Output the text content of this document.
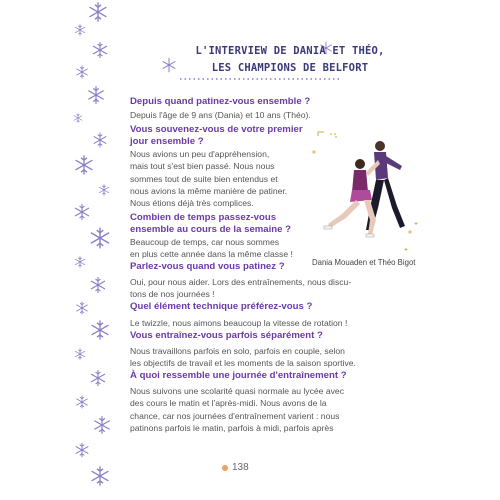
L'INTERVIEW DE DANIA ET THÉO,
LES CHAMPIONS DE BELFORT
Depuis quand patinez-vous ensemble ?
Depuis l'âge de 9 ans (Dania) et 10 ans (Théo).
Vous souvenez-vous de votre premier
jour ensemble ?
Nous avions un peu d'appréhension,
mais tout s'est bien passé. Nous nous
sommes tout de suite bien entendus et
nous avions la même manière de patiner.
Nous étions déjà très complices.
Combien de temps passez-vous
ensemble au cours de la semaine ?
Beaucoup de temps, car nous sommes
en plus cette année dans la même classe !
Parlez-vous quand vous patinez ?
Oui, pour nous aider. Lors des entraînements, nous discu-
tons de nos journées !
Quel élément technique préférez-vous ?
Le twizzle, nous aimons beaucoup la vitesse de rotation !
Vous entraînez-vous parfois séparément ?
Nous travaillons parfois en solo, parfois en couple, selon
les objectifs de travail et les moments de la saison sportive.
À quoi ressemble une journée d'entraînement ?
Nous suivons une scolarité quasi normale au lycée avec
des cours le matin et l'après-midi. Nous avons de la
chance, car nos journées d'entraînement varient : nous
patinons parfois le matin, parfois à midi, parfois après
Dania Mouaden et Théo Bigot
138
